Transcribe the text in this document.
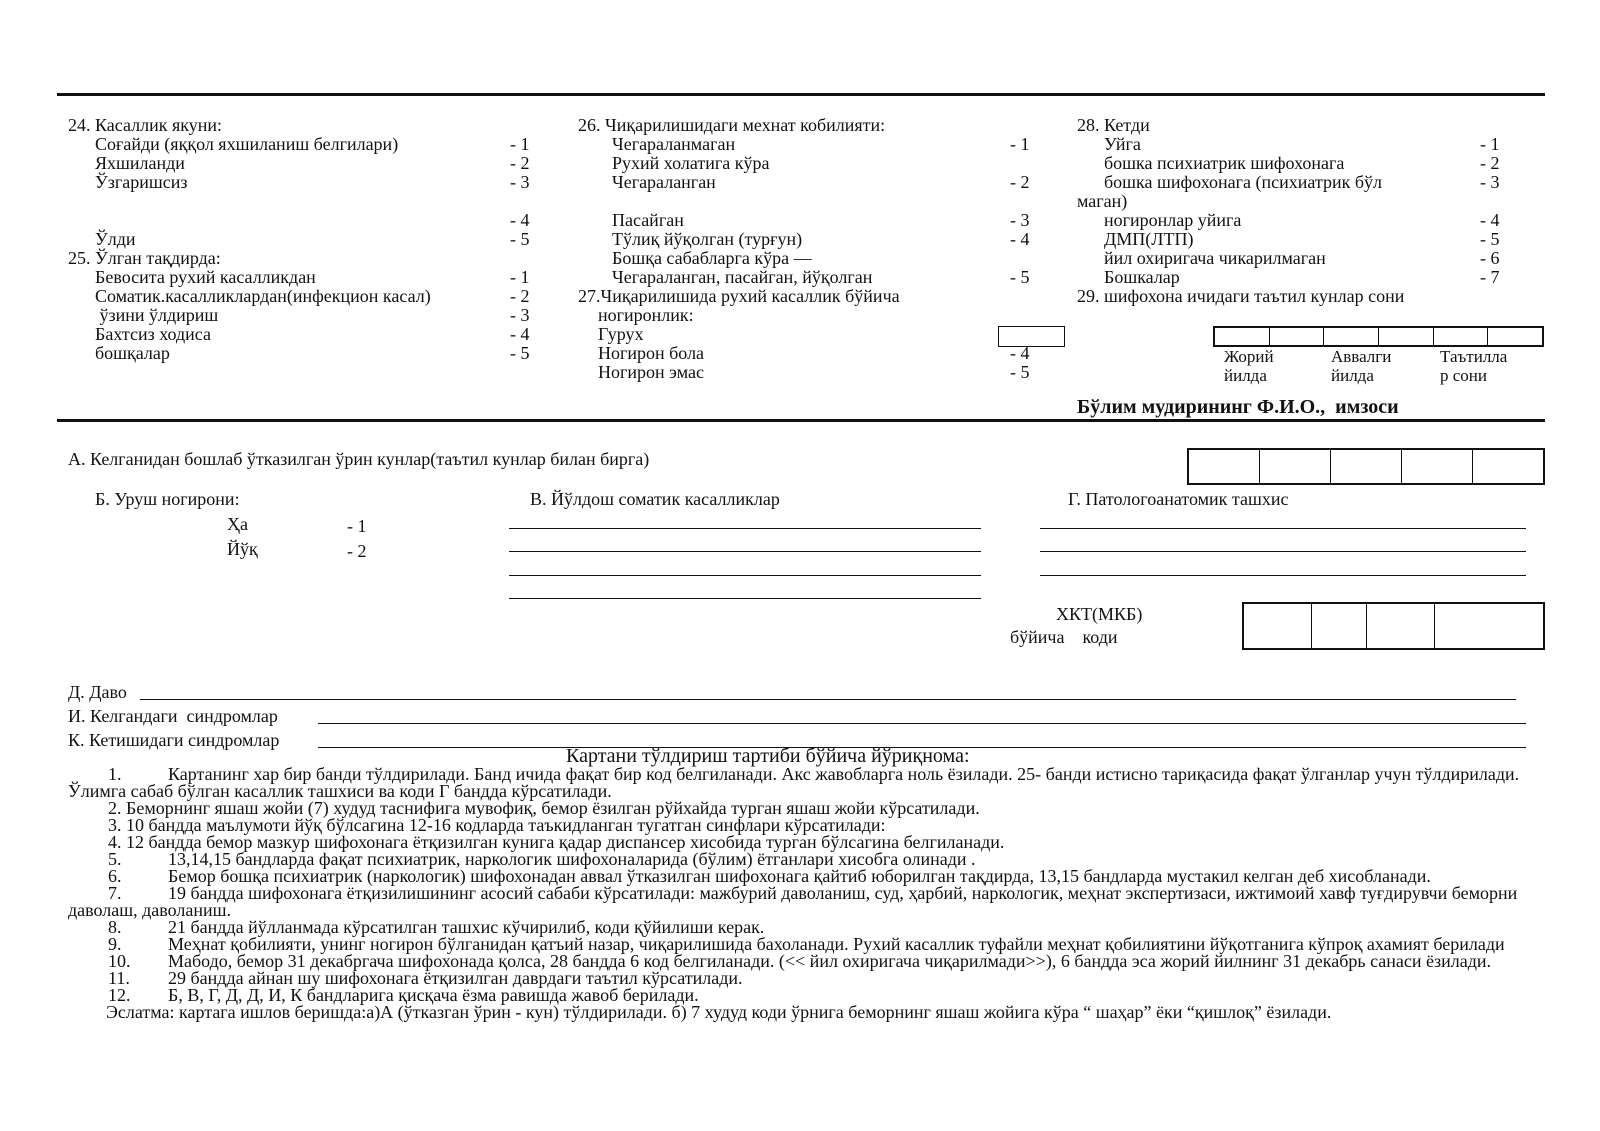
24. Касаллик якуни:
Соғайди (яққол яхшиланиш белгилари)	- 1
Яхшиланди	- 2
Ўзгаришсиз	- 3
- 4
Ўлди	- 5
25. Ўлган тақдирда:
Бевосита рухий касалликдан	- 1
Соматик.касалликлардан(инфекцион касал)	- 2
ўзини ўлдириш	- 3
Бахтсиз ходиса	- 4
бошқалар	- 5
26. Чиқарилишидаги мехнат кобилияти:
Чегараланмаган	- 1
Рухий холатига кўра
Чегараланган	- 2
Пасайган	- 3
Тўлиқ йўқолган (турғун)	- 4
Бошқа сабабларга кўра —
Чегараланган, пасайган, йўқолган	- 5
27.Чиқарилишида рухий касаллик бўйича
ногиронлик:
Гурух
Ногирон бола	- 4
Ногирон эмас	- 5
28. Кетди
Уйга	- 1
бошка психиатрик шифохонага	- 2
бошка шифохонага (психиатрик бўл	- 3
маган)
ногиронлар уйига	- 4
ДМП(ЛТП)	- 5
йил охиригача чикарилмаган	- 6
Бошкалар	- 7
29. шифохона ичидаги таътил кунлар сони
Жорий
йилда
Аввалги
йилда
Таътилла
р сони
Бўлим мудирининг Ф.И.О.,  имзоси
А. Келганидан бошлаб ўтказилган ўрин кунлар(таътил кунлар билан бирга)
Б. Уруш ногирони:
Ҳа	- 1
Йўқ	- 2
В. Йўлдош соматик касалликлар	Г. Патологоанатомик ташхис
ХКТ(МКБ)
бўйича    коди
Д. Даво
И. Келгандаги  синдромлар
К. Кетишидаги синдромлар
Картани тўлдириш тартиби бўйича йўриқнома:

1.	Картанинг хар бир банди тўлдирилади. Банд ичида фақат бир код белгиланади. Акс жавобларга ноль ёзилади. 25- банди истисно тариқасида фақат ўлганлар учун тўлдирилади. Ўлимга сабаб бўлган касаллик ташхиси ва коди Г бандда кўрсатилади.

2. Беморнинг яшаш жойи (7) худуд таснифига мувофиқ, бемор ёзилган рўйхайда турган яшаш жойи кўрсатилади.

3. 10 бандда маълумоти йўқ бўлсагина 12-16 кодларда таъкидланган тугатган синфлари кўрсатилади:

4. 12 бандда бемор мазкур шифохонага ётқизилган кунига қадар диспансер хисобида турган бўлсагина белгиланади.

5.	13,14,15 бандларда фақат психиатрик, наркологик шифохоналарида (бўлим) ётганлари хисобга олинади .

6.	Бемор бошқа психиатрик (наркологик) шифохонадан аввал ўтказилган шифохонага қайтиб юборилган тақдирда, 13,15 бандларда мустакил келган деб хисобланади.

7.	19 бандда шифохонага ётқизилишининг асосий сабаби кўрсатилади: мажбурий даволаниш, суд, ҳарбий, наркологик, меҳнат экспертизаси, ижтимоий хавф туғдирувчи беморни даволаш, даволаниш.

8.	21 бандда йўлланмада кўрсатилган ташхис кўчирилиб, коди қўйилиши керак.

9.	Меҳнат қобилияти, унинг ногирон бўлганидан қатъий назар, чиқарилишида бахоланади. Рухий касаллик туфайли меҳнат қобилиятини йўқотганига кўпроқ ахамият берилади

10. Мабодо, бемор 31 декабргача шифохонада қолса, 28 бандда 6 код белгиланади. (<< йил охиригача чиқарилмади>>), 6 бандда эса жорий йилнинг 31 декабрь санаси ёзилади.

11. 29 бандда айнан шу шифохонага ётқизилган даврдаги таътил кўрсатилади.

12. Б, В, Г, Д, Д, И, К бандларига қисқача ёзма равишда жавоб берилади.

Эслатма: картага ишлов беришда:а)А (ўтказган ўрин - кун) тўлдирилади. б) 7 худуд коди ўрнига беморнинг яшаш жойига кўра “ шаҳар” ёки “қишлоқ” ёзилади.
